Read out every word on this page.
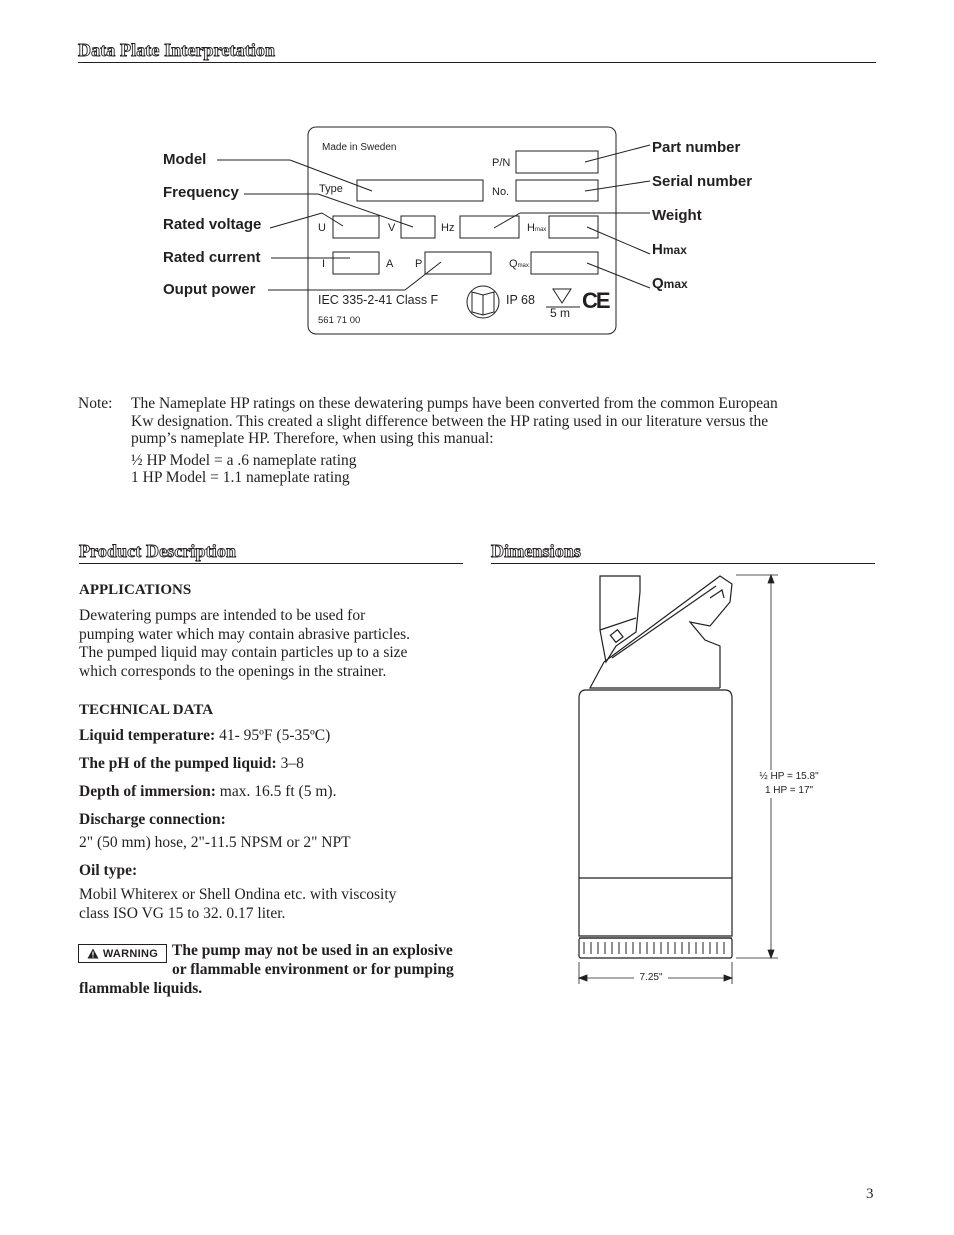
Data Plate Interpretation
Model
Frequency
Rated voltage
Rated current
Ouput power
Part number
Serial number
Weight
Hmax
Qmax
Made in Sweden
Type
P/N
No.
U	V	Hz	Hmax
I	A P	Qmax
IEC 335-2-41 Class F	IP 68
5 m
561 71 00
CE
Note: The Nameplate HP ratings on these dewatering pumps have been converted from the common European
Kw designation. This created a slight difference between the HP rating used in our literature versus the
pump’s nameplate HP. Therefore, when using this manual:
½ HP Model = a .6 nameplate rating
1 HP Model = 1.1 nameplate rating
Product Description
APPLICATIONS
Dewatering pumps are intended to be used for
pumping water which may contain abrasive particles.
The pumped liquid may contain particles up to a size
which corresponds to the openings in the strainer.
TECHNICAL DATA
Liquid temperature: 41- 95ºF (5-35ºC)
The pH of the pumped liquid: 3–8
Depth of immersion: max. 16.5 ft (5 m).
Discharge connection:
2" (50 mm) hose, 2"-11.5 NPSM or 2" NPT
Oil type:
Mobil Whiterex or Shell Ondina etc. with viscosity
class ISO VG 15 to 32. 0.17 liter.
WARNING The pump may not be used in an explosive
or flammable environment or for pumping
flammable liquids.
Dimensions
½ HP = 15.8"
1 HP = 17"
7.25"
3
